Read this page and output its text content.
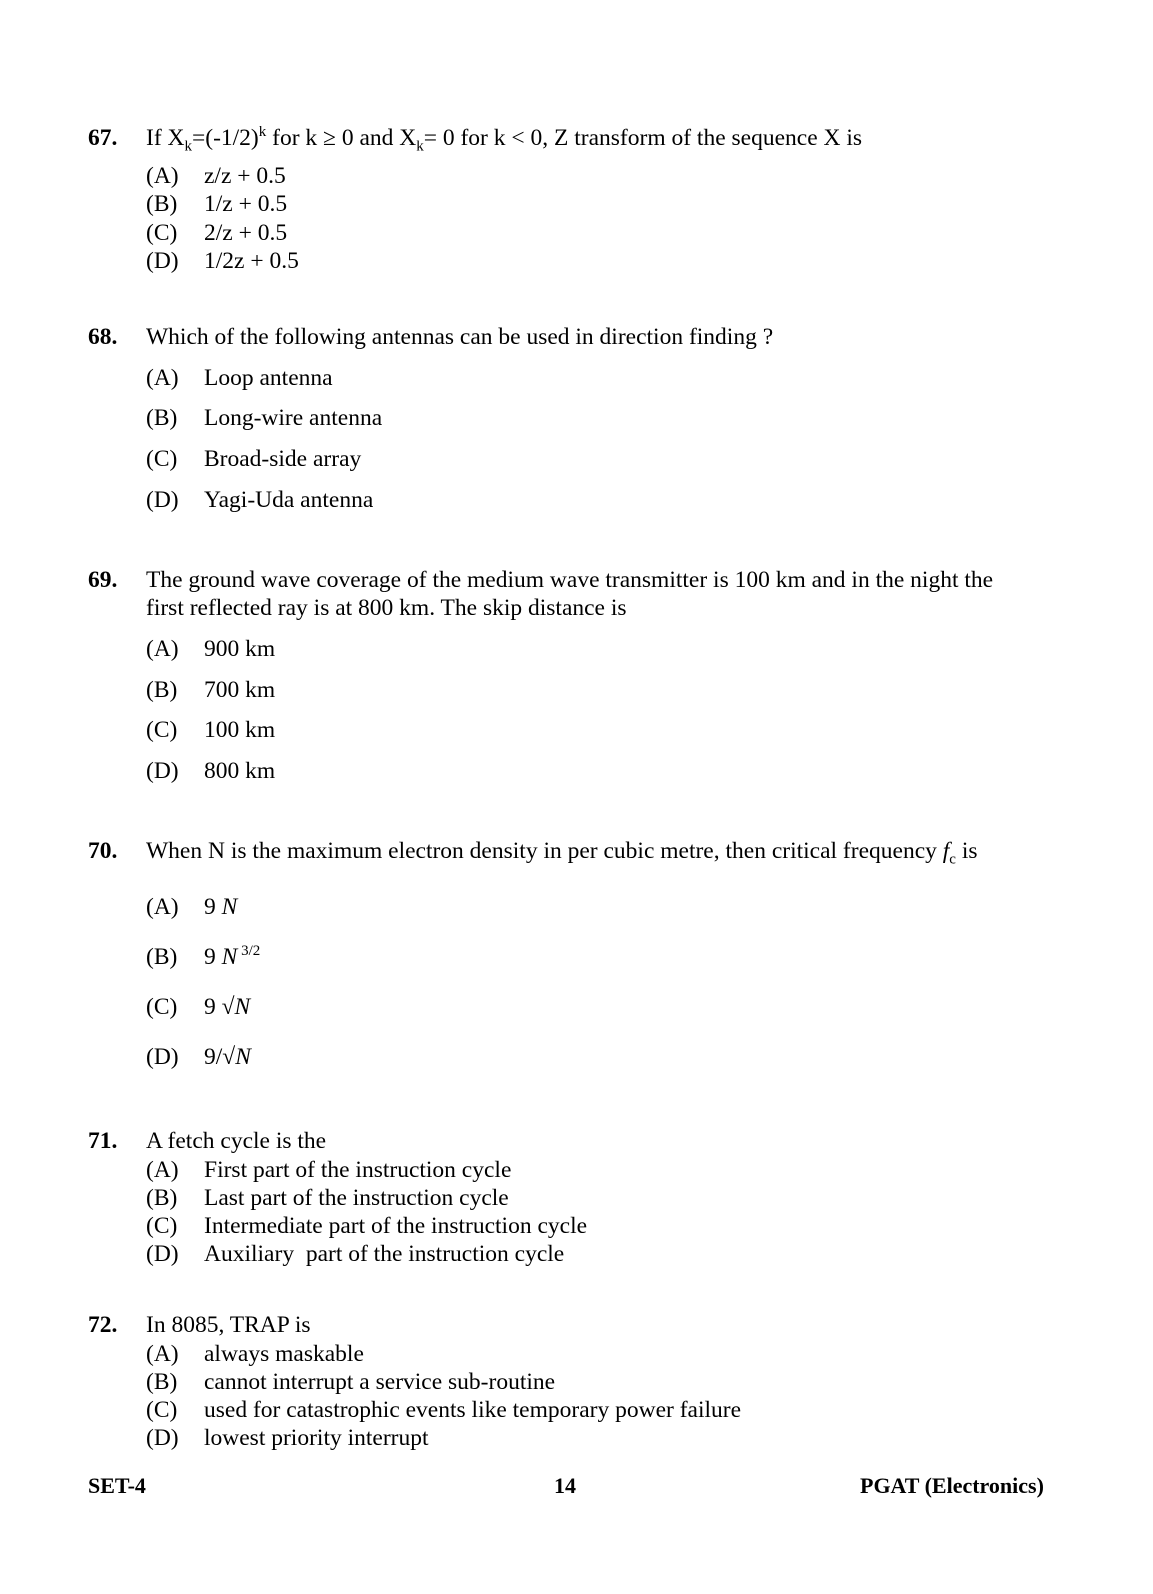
67. If $X_k=(-1/2)^k$ for k ≥ 0 and $X_k= 0$ for k < 0, Z transform of the sequence X is
(A) z/z + 0.5
(B) 1/z + 0.5
(C) 2/z + 0.5
(D) 1/2z + 0.5
68. Which of the following antennas can be used in direction finding ?
(A) Loop antenna
(B) Long-wire antenna
(C) Broad-side array
(D) Yagi-Uda antenna
69. The ground wave coverage of the medium wave transmitter is 100 km and in the night the
first reflected ray is at 800 km. The skip distance is
(A) 900 km
(B) 700 km
(C) 100 km
(D) 800 km
70. When N is the maximum electron density in per cubic metre, then critical frequency $f_c$ is
(A) 9 N
(B) 9 N $^{3/2}$
(C) 9 √N
(D) 9/√N
71. A fetch cycle is the
(A) First part of the instruction cycle
(B) Last part of the instruction cycle
(C) Intermediate part of the instruction cycle
(D) Auxiliary  part of the instruction cycle
72. In 8085, TRAP is
(A) always maskable
(B) cannot interrupt a service sub-routine
(C) used for catastrophic events like temporary power failure
(D) lowest priority interrupt
SET-4	14	PGAT (Electronics)
